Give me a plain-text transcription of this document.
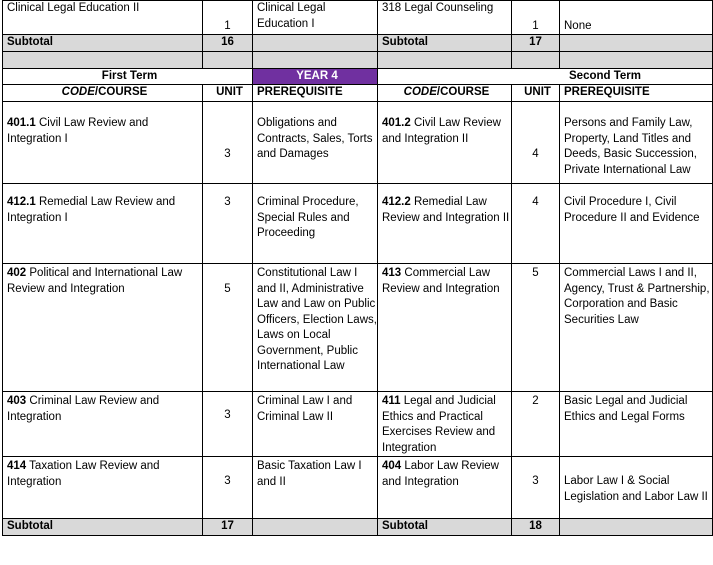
Clinical Legal Education II	1	Clinical Legal Education I	318 Legal Counseling	1	None
Subtotal	16		Subtotal	17	

First Term		YEAR 4	Second Term		
CODE/COURSE	UNIT	PREREQUISITE	CODE/COURSE	UNIT	PREREQUISITE
401.1 Civil Law Review and Integration I	3	Obligations and Contracts, Sales, Torts and Damages	401.2 Civil Law Review and Integration II	4	Persons and Family Law, Property, Land Titles and Deeds, Basic Succession, Private International Law
412.1 Remedial Law Review and Integration I	3	Criminal Procedure, Special Rules and Proceeding	412.2 Remedial Law Review and Integration II	4	Civil Procedure I, Civil Procedure II and Evidence
402 Political and International Law Review and Integration	5	Constitutional Law I and II, Administrative Law and Law on Public Officers, Election Laws, Laws on Local Government, Public International Law	413 Commercial Law Review and Integration	5	Commercial Laws I and II, Agency, Trust & Partnership, Corporation and Basic Securities Law
403 Criminal Law Review and Integration	3	Criminal Law I and Criminal Law II	411 Legal and Judicial Ethics and Practical Exercises Review and Integration	2	Basic Legal and Judicial Ethics and Legal Forms
414 Taxation Law Review and Integration	3	Basic Taxation Law I and II	404 Labor Law Review and Integration	3	Labor Law I & Social Legislation and Labor Law II
Subtotal	17		Subtotal	18	
